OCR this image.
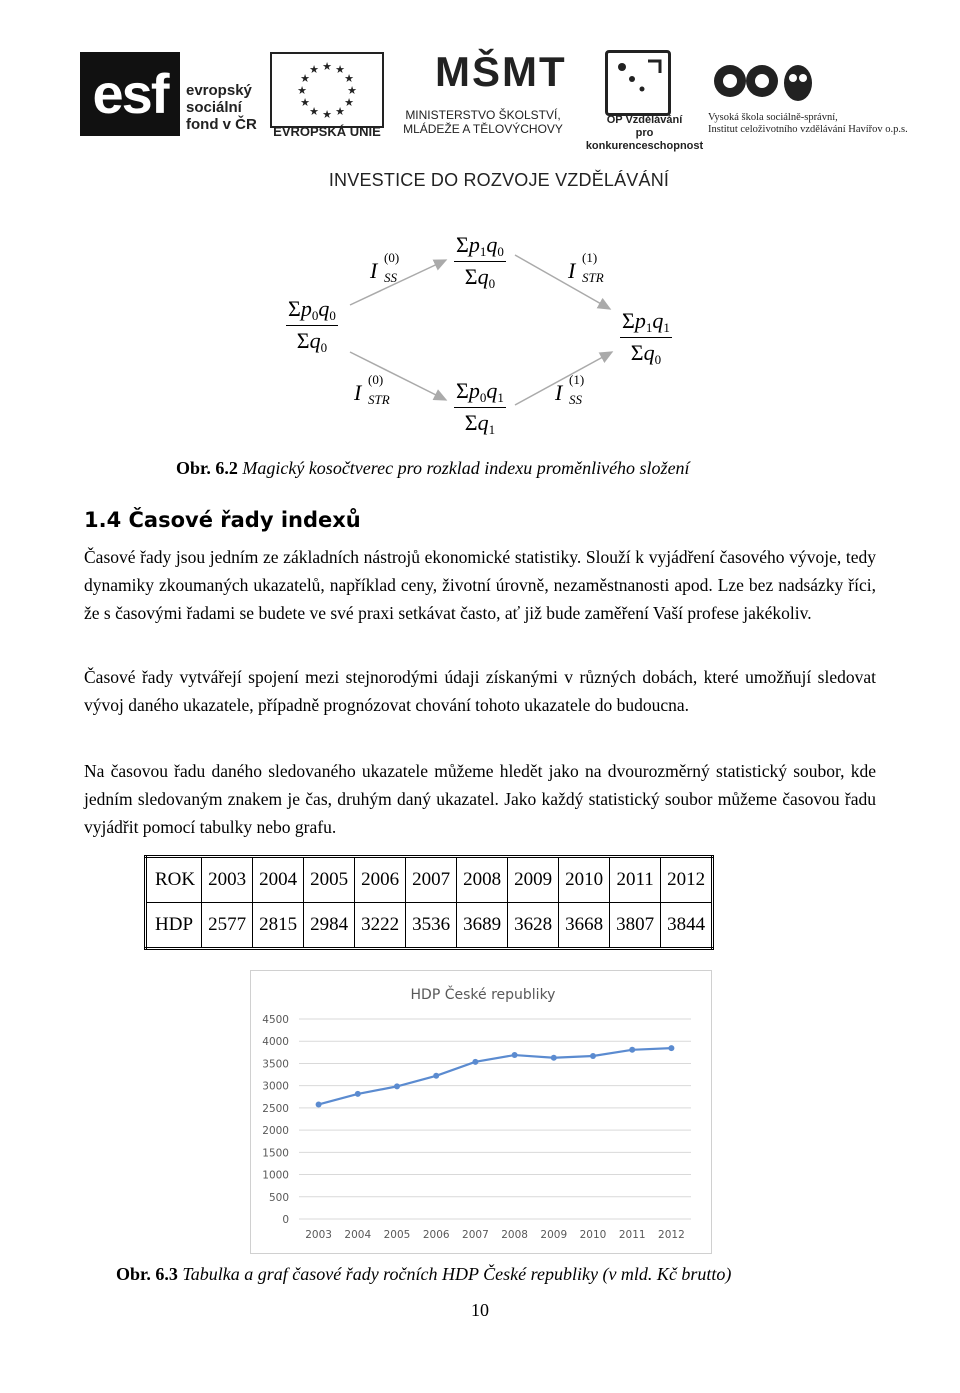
esf	evropský
sociální
fond v ČR
★ ★
★
★
★
★
★
★
★
★
★
★
EVROPSKÁ UNIE
MŠMT
MINISTERSTVO ŠKOLSTVÍ,
MLÁDEŽE A TĚLOVÝCHOVY
OP Vzdělávání
pro konkurenceschopnost
Vysoká škola sociálně-správní,
Institut celoživotního vzdělávání Havířov o.p.s.
INVESTICE DO ROZVOJE VZDĚLÁVÁNÍ
$\Sigma p_0q_0$
$\Sigma q_0$
$\Sigma p_1q_0$
$\Sigma q_0$
$\Sigma p_0q_1$
$\Sigma q_1$
$\Sigma p_1q_1$
$\Sigma q_0$
I
(0)
SS
I
(0)
STR
I
(1)
STR
I
(1)
SS
Obr. 6.2 Magický kosočtverec pro rozklad indexu proměnlivého složení
1.4 Časové řady indexů
Časové řady jsou jedním ze základních nástrojů ekonomické statistiky. Slouží k vyjádření časového vývoje, tedy dynamiky zkoumaných ukazatelů, například ceny, životní úrovně, nezaměstnanosti apod. Lze bez nadsázky říci, že s časovými řadami se budete ve své praxi setkávat často, ať již bude zaměření Vaší profese jakékoliv.
Časové řady vytvářejí spojení mezi stejnorodými údaji získanými v různých dobách, které umožňují sledovat vývoj daného ukazatele, případně prognózovat chování tohoto ukazatele do budoucna.
Na časovou řadu daného sledovaného ukazatele můžeme hledět jako na dvourozměrný statistický soubor, kde jedním sledovaným znakem je čas, druhým daný ukazatel. Jako každý statistický soubor můžeme časovou řadu vyjádřit pomocí tabulky nebo grafu.
ROK	2003	2004	2005	2006	2007	2008	2009	2010	2011	2012
HDP	2577	2815	2984	3222	3536	3689	3628	3668	3807	3844
HDP České republiky
0
500
1000
1500
2000
2500
3000
3500
4000
4500
2003 2004 2005 2006 2007 2008 2009 2010 2011 2012
Obr. 6.3 Tabulka a graf časové řady ročních HDP České republiky (v mld. Kč brutto)
10
